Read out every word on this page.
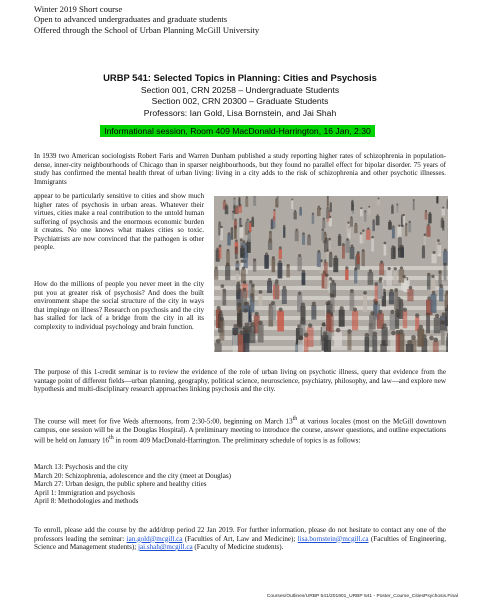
Winter 2019 Short course
Open to advanced undergraduates and graduate students
Offered through the School of Urban Planning McGill University
URBP 541: Selected Topics in Planning: Cities and Psychosis
Section 001, CRN 20258 – Undergraduate Students
Section 002, CRN 20300 – Graduate Students
Professors: Ian Gold, Lisa Bornstein, and Jai Shah
Informational session, Room 409 MacDonald-Harrington, 16 Jan, 2:30
In 1939 two American sociologists Robert Faris and Warren Dunham published a study reporting higher rates of schizophrenia in population-dense, inner-city neighbourhoods of Chicago than in sparser neighbourhoods, but they found no parallel effect for bipolar disorder. 75 years of study has confirmed the mental health threat of urban living: living in a city adds to the risk of schizophrenia and other psychotic illnesses. Immigrants
appear to be particularly sensitive to cities and show much higher rates of psychosis in urban areas. Whatever their virtues, cities make a real contribution to the untold human suffering of psychosis and the enormous economic burden it creates. No one knows what makes cities so toxic. Psychiatrists are now convinced that the pathogen is other people.
How do the millions of people you never meet in the city put you at greater risk of psychosis? And does the built environment shape the social structure of the city in ways that impinge on illness? Research on psychosis and the city has stalled for lack of a bridge from the city in all its complexity to individual psychology and brain function.
The purpose of this 1-credit seminar is to review the evidence of the role of urban living on psychotic illness, query that evidence from the vantage point of different fields—urban planning, geography, political science, neuroscience, psychiatry, philosophy, and law—and explore new hypothesis and multi-disciplinary research approaches linking psychosis and the city.
The course will meet for five Weds afternoons, from 2:30-5:00, beginning on March 13th at various locales (most on the McGill downtown campus, one session will be at the Douglas Hospital). A preliminary meeting to introduce the course, answer questions, and outline expectations will be held on January 16th in room 409 MacDonald-Harrington. The preliminary schedule of topics is as follows:
March 13: Psychosis and the city
March 20: Schizophrenia, adolescence and the city (meet at Douglas)
March 27: Urban design, the public sphere and healthy cities
April 1: Immigration and psychosis
April 8: Methodologies and methods
To enroll, please add the course by the add/drop period 22 Jan 2019. For further information, please do not hesitate to contact any one of the professors leading the seminar: ian.gold@mcgill.ca (Faculties of Art, Law and Medicine); lisa.bornstein@mcgill.ca (Faculties of Engineering, Science and Management students); jai.shah@mcgill.ca (Faculty of Medicine students).
Courses/Outlines/URBP 541/201901_URBP 541 - Poster_Course_CitiesPsychosis.Final
